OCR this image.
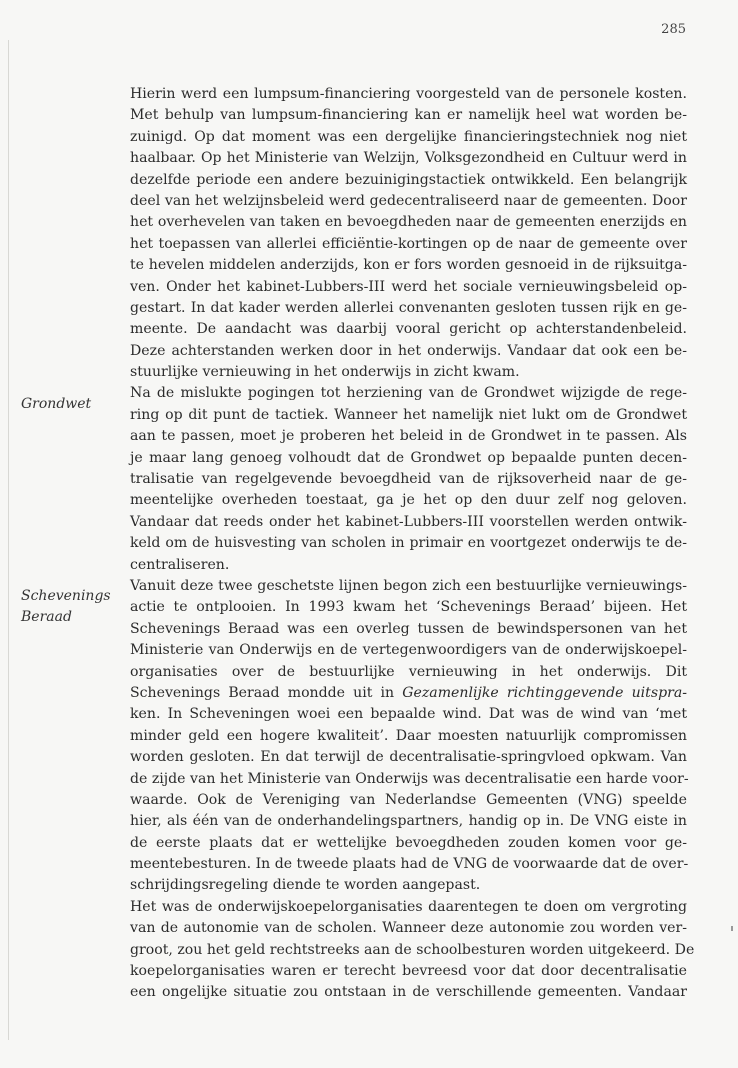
285
Grondwet
Schevenings
Beraad
Hierin werd een lumpsum-financiering voorgesteld van de personele kosten.
Met behulp van lumpsum-financiering kan er namelijk heel wat worden be-
zuinigd. Op dat moment was een dergelijke financieringstechniek nog niet
haalbaar. Op het Ministerie van Welzijn, Volksgezondheid en Cultuur werd in
dezelfde periode een andere bezuinigingstactiek ontwikkeld. Een belangrijk
deel van het welzijnsbeleid werd gedecentraliseerd naar de gemeenten. Door
het overhevelen van taken en bevoegdheden naar de gemeenten enerzijds en
het toepassen van allerlei efficiëntie-kortingen op de naar de gemeente over
te hevelen middelen anderzijds, kon er fors worden gesnoeid in de rijksuitga-
ven. Onder het kabinet-Lubbers-III werd het sociale vernieuwingsbeleid op-
gestart. In dat kader werden allerlei convenanten gesloten tussen rijk en ge-
meente. De aandacht was daarbij vooral gericht op achterstandenbeleid.
Deze achterstanden werken door in het onderwijs. Vandaar dat ook een be-
stuurlijke vernieuwing in het onderwijs in zicht kwam.
Na de mislukte pogingen tot herziening van de Grondwet wijzigde de rege-
ring op dit punt de tactiek. Wanneer het namelijk niet lukt om de Grondwet
aan te passen, moet je proberen het beleid in de Grondwet in te passen. Als
je maar lang genoeg volhoudt dat de Grondwet op bepaalde punten decen-
tralisatie van regelgevende bevoegdheid van de rijksoverheid naar de ge-
meentelijke overheden toestaat, ga je het op den duur zelf nog geloven.
Vandaar dat reeds onder het kabinet-Lubbers-III voorstellen werden ontwik-
keld om de huisvesting van scholen in primair en voortgezet onderwijs te de-
centraliseren.
Vanuit deze twee geschetste lijnen begon zich een bestuurlijke vernieuwings-
actie te ontplooien. In 1993 kwam het ‘Schevenings Beraad’ bijeen. Het
Schevenings Beraad was een overleg tussen de bewindspersonen van het
Ministerie van Onderwijs en de vertegenwoordigers van de onderwijskoepel-
organisaties over de bestuurlijke vernieuwing in het onderwijs. Dit
Schevenings Beraad mondde uit in Gezamenlijke richtinggevende uitspra-
ken. In Scheveningen woei een bepaalde wind. Dat was de wind van ‘met
minder geld een hogere kwaliteit’. Daar moesten natuurlijk compromissen
worden gesloten. En dat terwijl de decentralisatie-springvloed opkwam. Van
de zijde van het Ministerie van Onderwijs was decentralisatie een harde voor-
waarde. Ook de Vereniging van Nederlandse Gemeenten (VNG) speelde
hier, als één van de onderhandelingspartners, handig op in. De VNG eiste in
de eerste plaats dat er wettelijke bevoegdheden zouden komen voor ge-
meentebesturen. In de tweede plaats had de VNG de voorwaarde dat de over-
schrijdingsregeling diende te worden aangepast.
Het was de onderwijskoepelorganisaties daarentegen te doen om vergroting
van de autonomie van de scholen. Wanneer deze autonomie zou worden ver-
groot, zou het geld rechtstreeks aan de schoolbesturen worden uitgekeerd. De
koepelorganisaties waren er terecht bevreesd voor dat door decentralisatie
een ongelijke situatie zou ontstaan in de verschillende gemeenten. Vandaar
